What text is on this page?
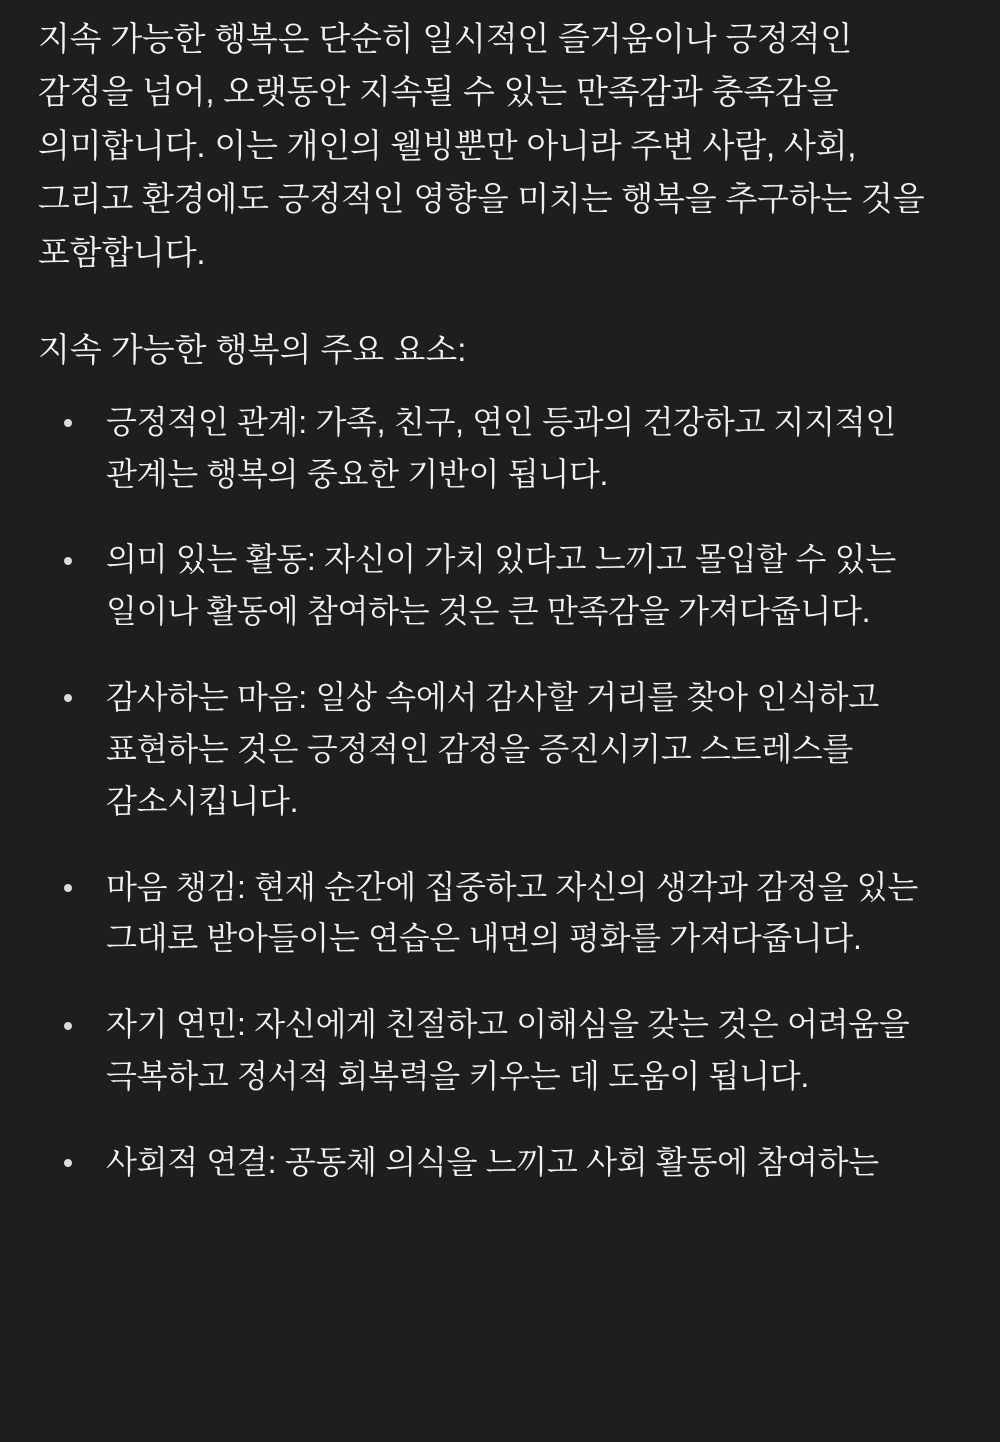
지속 가능한 행복은 단순히 일시적인 즐거움이나 긍정적인 감정을 넘어, 오랫동안 지속될 수 있는 만족감과 충족감을 의미합니다. 이는 개인의 웰빙뿐만 아니라 주변 사람, 사회, 그리고 환경에도 긍정적인 영향을 미치는 행복을 추구하는 것을 포함합니다.

지속 가능한 행복의 주요 요소:

긍정적인 관계: 가족, 친구, 연인 등과의 건강하고 지지적인 관계는 행복의 중요한 기반이 됩니다.
의미 있는 활동: 자신이 가치 있다고 느끼고 몰입할 수 있는 일이나 활동에 참여하는 것은 큰 만족감을 가져다줍니다.
감사하는 마음: 일상 속에서 감사할 거리를 찾아 인식하고 표현하는 것은 긍정적인 감정을 증진시키고 스트레스를 감소시킵니다.
마음 챙김: 현재 순간에 집중하고 자신의 생각과 감정을 있는 그대로 받아들이는 연습은 내면의 평화를 가져다줍니다.
자기 연민: 자신에게 친절하고 이해심을 갖는 것은 어려움을 극복하고 정서적 회복력을 키우는 데 도움이 됩니다.
사회적 연결: 공동체 의식을 느끼고 사회 활동에 참여하는
